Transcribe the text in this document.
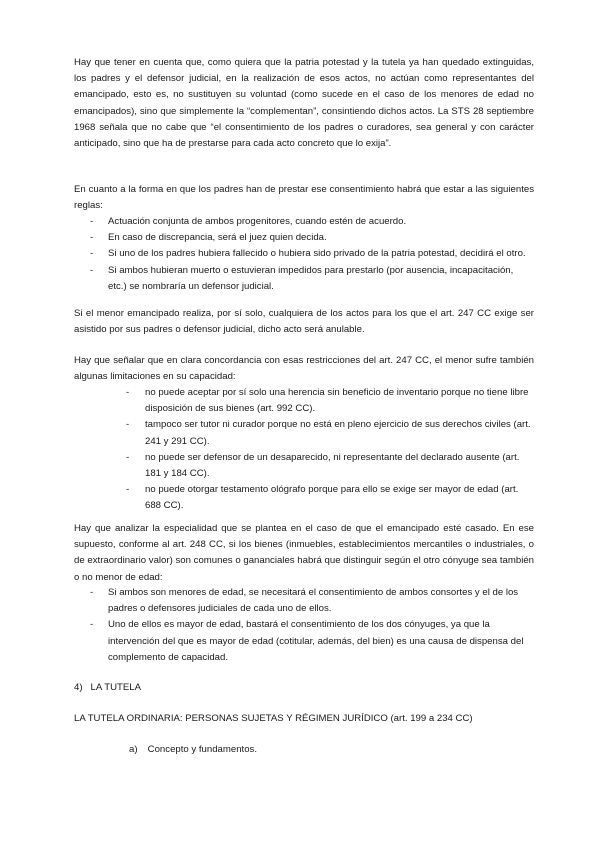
Hay que tener en cuenta que, como quiera que la patria potestad y la tutela ya han quedado extinguidas, los padres y el defensor judicial, en la realización de esos actos, no actúan como representantes del emancipado, esto es, no sustituyen su voluntad (como sucede en el caso de los menores de edad no emancipados), sino que simplemente la “complementan”, consintiendo dichos actos. La STS 28 septiembre 1968 señala que no cabe que “el consentimiento de los padres o curadores, sea general y con carácter anticipado, sino que ha de prestarse para cada acto concreto que lo exija”.

En cuanto a la forma en que los padres han de prestar ese consentimiento habrá que estar a las siguientes reglas:

- Actuación conjunta de ambos progenitores, cuando estén de acuerdo.
- En caso de discrepancia, será el juez quien decida.
- Si uno de los padres hubiera fallecido o hubiera sido privado de la patria potestad, decidirá el otro.
- Si ambos hubieran muerto o estuvieran impedidos para prestarlo (por ausencia, incapacitación, etc.) se nombraría un defensor judicial.

Si el menor emancipado realiza, por sí solo, cualquiera de los actos para los que el art. 247 CC exige ser asistido por sus padres o defensor judicial, dicho acto será anulable.

Hay que señalar que en clara concordancia con esas restricciones del art. 247 CC, el menor sufre también algunas limitaciones en su capacidad:

- no puede aceptar por sí solo una herencia sin beneficio de inventario porque no tiene libre disposición de sus bienes (art. 992 CC).
- tampoco ser tutor ni curador porque no está en pleno ejercicio de sus derechos civiles (art. 241 y 291 CC).
- no puede ser defensor de un desaparecido, ni representante del declarado ausente (art. 181 y 184 CC).
- no puede otorgar testamento ológrafo porque para ello se exige ser mayor de edad (art. 688 CC).

Hay que analizar la especialidad que se plantea en el caso de que el emancipado esté casado. En ese supuesto, conforme al art. 248 CC, si los bienes (inmuebles, establecimientos mercantiles o industriales, o de extraordinario valor) son comunes o gananciales habrá que distinguir según el otro cónyuge sea también o no menor de edad:

- Si ambos son menores de edad, se necesitará el consentimiento de ambos consortes y el de los padres o defensores judiciales de cada uno de ellos.
- Uno de ellos es mayor de edad, bastará el consentimiento de los dos cónyuges, ya que la intervención del que es mayor de edad (cotitular, además, del bien) es una causa de dispensa del complemento de capacidad.

4)   LA TUTELA

LA TUTELA ORDINARIA: PERSONAS SUJETAS Y RÉGIMEN JURÍDICO (art. 199 a 234 CC)

a) Concepto y fundamentos.
